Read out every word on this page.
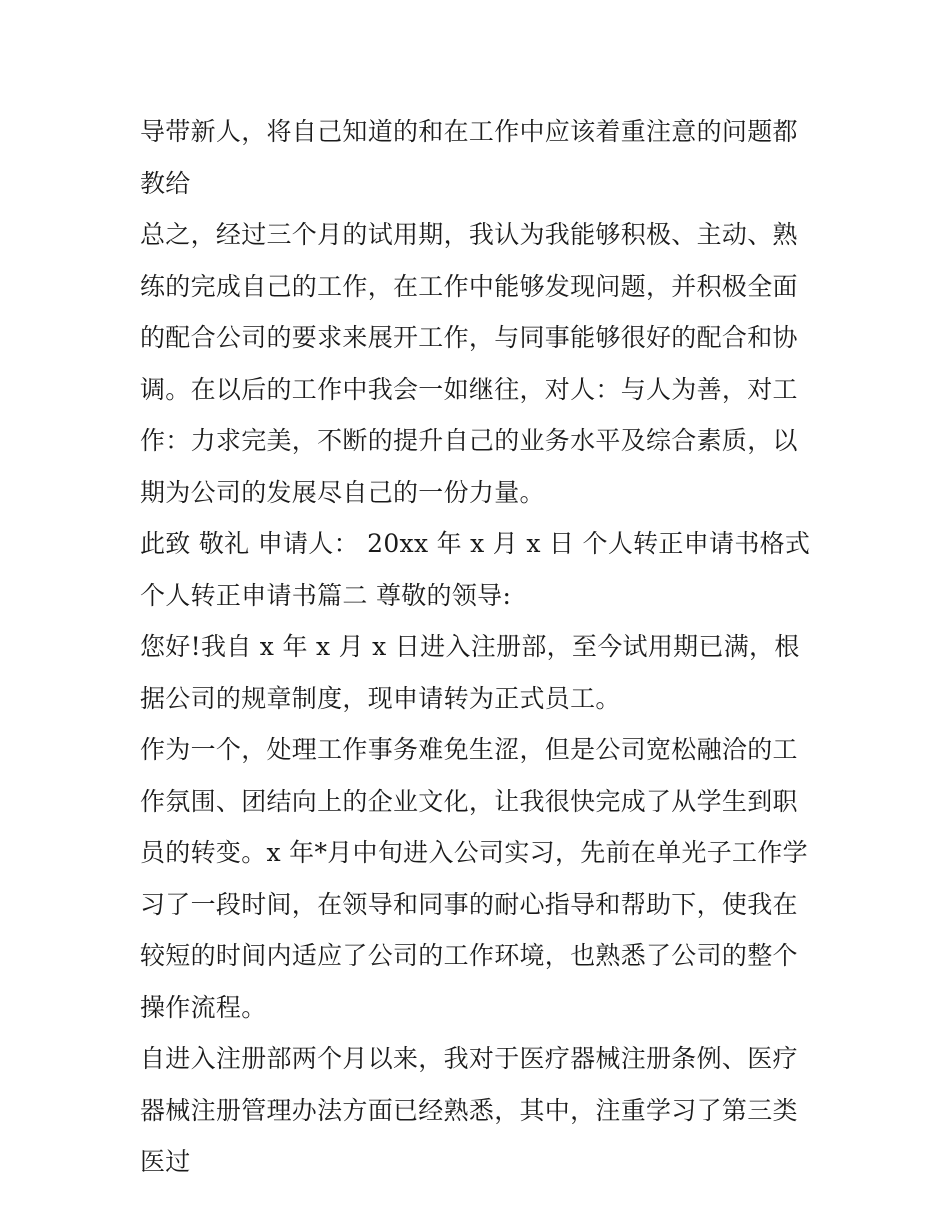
导带新人，将自己知道的和在工作中应该着重注意的问题都教给

总之，经过三个月的试用期，我认为我能够积极、主动、熟练的完成自己的工作，在工作中能够发现问题，并积极全面的配合公司的要求来展开工作，与同事能够很好的配合和协调。在以后的工作中我会一如继往，对人：与人为善，对工作：力求完美，不断的提升自己的业务水平及综合素质，以期为公司的发展尽自己的一份力量。

此致 敬礼 申请人： 20xx 年 x 月 x 日 个人转正申请书格式 个人转正申请书篇二 尊敬的领导:

您好!我自 x 年 x 月 x 日进入注册部，至今试用期已满，根据公司的规章制度，现申请转为正式员工。

作为一个，处理工作事务难免生涩，但是公司宽松融洽的工作氛围、团结向上的企业文化，让我很快完成了从学生到职员的转变。x 年*月中旬进入公司实习，先前在单光子工作学习了一段时间，在领导和同事的耐心指导和帮助下，使我在较短的时间内适应了公司的工作环境，也熟悉了公司的整个操作流程。

自进入注册部两个月以来，我对于医疗器械注册条例、医疗器械注册管理办法方面已经熟悉，其中，注重学习了第三类医过
